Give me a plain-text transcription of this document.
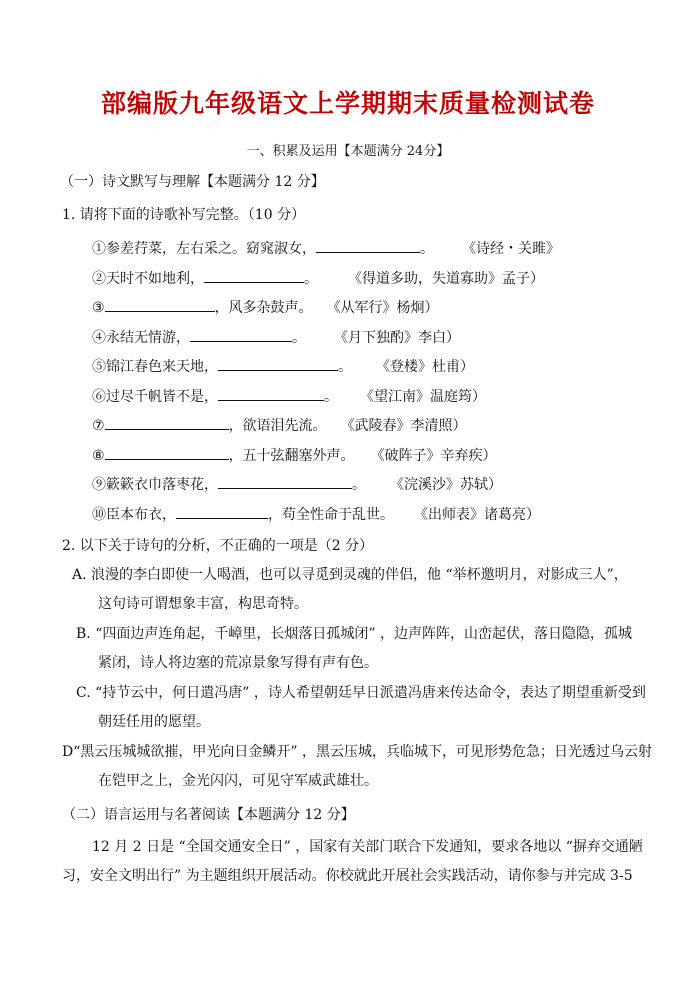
部编版九年级语文上学期期末质量检测试卷
一、积累及运用【本题满分 24分】
（一）诗文默写与理解【本题满分 12 分】
1. 请将下面的诗歌补写完整。（10 分）
①参差荇菜，左右采之。窈窕淑女，	。 《诗经・关雎》
②天时不如地利，	。 《得道多助，失道寡助》孟子）
③	，风多杂鼓声。 《从军行》杨炯）
④永结无情游，	。 《月下独酌》李白）
⑤锦江春色来天地，	。 《登楼》杜甫）
⑥过尽千帆皆不是，	。 《望江南》温庭筠）
⑦	，欲语泪先流。 《武陵春》李清照）
⑧	，五十弦翻塞外声。 《破阵子》辛弃疾）
⑨簌簌衣巾落枣花，	。 《浣溪沙》苏轼）
⑩臣本布衣，	，苟全性命于乱世。 《出师表》诸葛亮）
2. 以下关于诗句的分析，不正确的一项是（2 分）
A. 浪漫的李白即使一人喝酒，也可以寻觅到灵魂的伴侣，他 “举杯邀明月，对影成三人”，
这句诗可谓想象丰富，构思奇特。
B. “四面边声连角起，千嶂里，长烟落日孤城闭” ，边声阵阵，山峦起伏，落日隐隐，孤城
紧闭，诗人将边塞的荒凉景象写得有声有色。
C. “持节云中，何日遣冯唐” ，诗人希望朝廷早日派遣冯唐来传达命令，表达了期望重新受到
朝廷任用的愿望。
D“黑云压城城欲摧，甲光向日金鳞开” ，黑云压城，兵临城下，可见形势危急；日光透过乌云射
在铠甲之上，金光闪闪，可见守军威武雄壮。
（二）语言运用与名著阅读【本题满分 12 分】
12 月 2 日是 “全国交通安全日” ，国家有关部门联合下发通知，要求各地以 “摒弃交通陋
习，安全文明出行” 为主题组织开展活动。你校就此开展社会实践活动，请你参与并完成 3-5
